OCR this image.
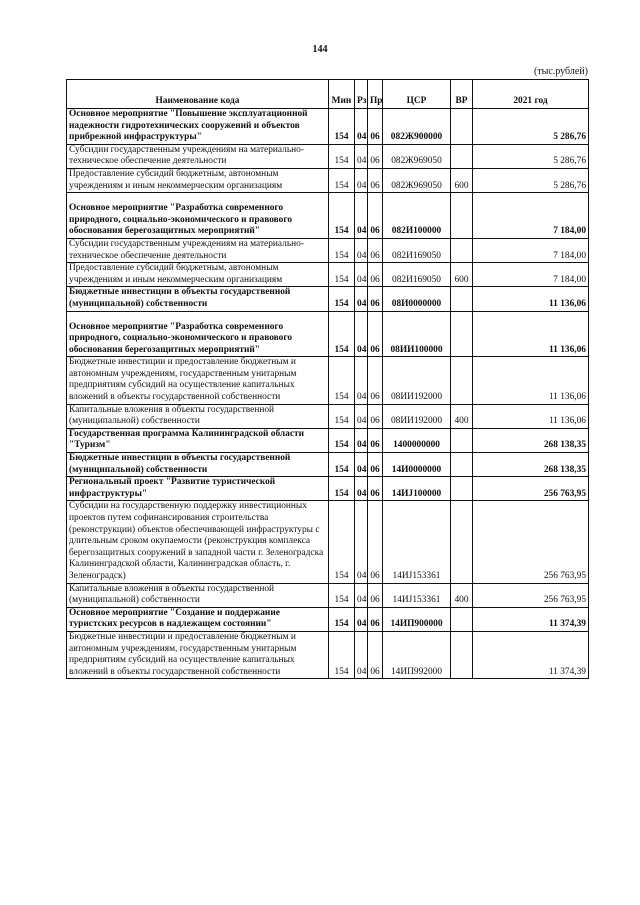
144
(тыс.рублей)
Наименование кода	Мин	Рз	Пр	ЦСР	ВР	2021 год
Основное мероприятие "Повышение эксплуатационной надежности гидротехнических сооружений и объектов прибрежной инфраструктуры"	154	04	06	082Ж900000		5 286,76
Субсидии государственным учреждениям на материально-техническое обеспечение деятельности	154	04	06	082Ж969050		5 286,76
Предоставление субсидий бюджетным, автономным учреждениям и иным некоммерческим организациям	154	04	06	082Ж969050	600	5 286,76
Основное мероприятие "Разработка современного природного, социально-экономического и правового обоснования берегозащитных мероприятий"	154	04	06	082И100000		7 184,00
Субсидии государственным учреждениям на материально-техническое обеспечение деятельности	154	04	06	082И169050		7 184,00
Предоставление субсидий бюджетным, автономным учреждениям и иным некоммерческим организациям	154	04	06	082И169050	600	7 184,00
Бюджетные инвестиции в объекты государственной (муниципальной) собственности	154	04	06	08И0000000		11 136,06
Основное мероприятие "Разработка современного природного, социально-экономического и правового обоснования берегозащитных мероприятий"	154	04	06	08ИИ100000		11 136,06
Бюджетные инвестиции и предоставление бюджетным и автономным учреждениям, государственным унитарным предприятиям субсидий на осуществление капитальных вложений в объекты государственной собственности	154	04	06	08ИИ192000		11 136,06
Капитальные вложения в объекты государственной (муниципальной) собственности	154	04	06	08ИИ192000	400	11 136,06
Государственная программа Калининградской области "Туризм"	154	04	06	1400000000		268 138,35
Бюджетные инвестиции в объекты государственной (муниципальной) собственности	154	04	06	14И0000000		268 138,35
Региональный проект "Развитие туристической инфраструктуры"	154	04	06	14ИJ100000		256 763,95
Субсидии на государственную поддержку инвестиционных проектов путем софинансирования строительства (реконструкции) объектов обеспечивающей инфраструктуры с длительным сроком окупаемости (реконструкция комплекса берегозащитных сооружений в западной части г. Зеленоградска Калининградской области, Калининградская область, г. Зеленоградск)	154	04	06	14ИJ153361		256 763,95
Капитальные вложения в объекты государственной (муниципальной) собственности	154	04	06	14ИJ153361	400	256 763,95
Основное мероприятие "Создание и поддержание туристских ресурсов в надлежащем состоянии"	154	04	06	14ИП900000		11 374,39
Бюджетные инвестиции и предоставление бюджетным и автономным учреждениям, государственным унитарным предприятиям субсидий на осуществление капитальных вложений в объекты государственной собственности	154	04	06	14ИП992000		11 374,39
